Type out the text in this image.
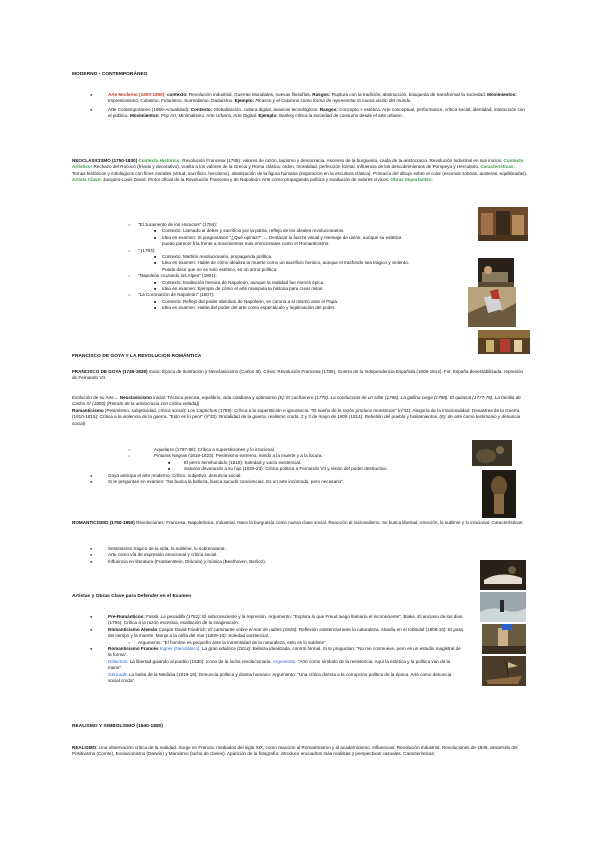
MODERNO - CONTEMPORÁNEO
● Arte Moderno (1800-1960): contexto: Revolución Industrial, Guerras Mundiales, nuevas filosofías. Rasgos: Ruptura con la tradición, abstracción, búsqueda de transformar la sociedad. Movimientos: Impresionismo, Cubismo, Futurismo, Surrealismo, Dadaísmo. Ejemplo: Picasso y el Cubismo como forma de representar la nueva visión del mundo.
● Arte Contemporáneo (1960-Actualidad): Contexto: Globalización, cultura digital, avances tecnológicos. Rasgos: Concepto > estética. Arte conceptual, performance, crítica social, identidad, interacción con el público. Movimientos: Pop Art, Minimalismo, Arte Urbano, Arte Digital. Ejemplo: Banksy critica la sociedad de consumo desde el arte urbano.
NEOCLASICISMO (1750-1830) Contexto Histórico: Revolución Francesa (1789): valores de razón, laicismo y democracia. Ascenso de la burguesía, caída de la aristocracia. Revolución Industrial en sus inicios. Contexto Artístico: Rechazo del Rococó (frívolo y decorativo). Vuelta a los valores de la Grecia y Roma clásica: orden, moralidad, perfección formal. Influencia de los descubrimientos de Pompeya y Herculano. Características: Temas históricos y mitológicos con fines morales (virtud, sacrificio, heroísmo). Idealización de la figura humana (inspiración en la escultura clásica). Primacía del dibujo sobre el color (escenas sobrias, austeras, equilibradas). Artista Clave: Jacques-Louis David. Pintor oficial de la Revolución Francesa y de Napoleón. Arte como propaganda política y exaltación de valores cívicos. Obras Importantes:
○ "El Juramento de los Horacios" (1784):
■ Contexto: Llamado al deber y sacrificio por la patria, reflejo de los ideales revolucionarios.
■ Idea en examen: Si preguntasen "¿Qué opinas?" → Destacar la fuerza visual y mensaje de unión, aunque su estética puede parecer fría frente a movimientos más emocionales como el Romanticismo.
○ " (1793):
■ Contexto: Martirio revolucionario, propaganda política.
■ Idea en examen: Hable de cómo idealiza la muerte como un sacrificio heroico, aunque el trasfondo sea trágico y violento. Puedo decir que no es solo estético, es un arma política.
○ "Napoleón cruzando los Alpes" (1801):
■ Contexto: Exaltación heroica de Napoleón, aunque la realidad fue menos épica.
■ Idea en examen: Ejemplo de cómo el arte manipula la historia para crear mitos.
○ "La Coronación de Napoleón" (1807):
■ Contexto: Reflejo del poder absoluto de Napoleón, se corona a sí mismo ante el Papa.
■ Idea en examen: Hable del poder del arte como espectáculo y legitimación del poder.
FRANCISCO DE GOYA Y LA REVOLUCIÓN ROMÁNTICA
FRANCISCO DE GOYA (1746-1828) Inicio: Época de Ilustración y Neoclasicismo (Carlos III). Crisis: Revolución Francesa (1789), Guerra de la Independencia Española (1808-1814). Fin: España desestabilizada, represión de Fernando VII.
Evolución de su Arte→ Neoclasicismo inicial: Técnica precisa, equilibrio, vida cotidiana y optimismo (Ej: El cacharrero (1778). La conducción de un sillar (1786). La gallina ciega (1788). El quitasol (1777-78). La familia de Carlos IV (1800) (Retrato de la aristocracia con crítica velada))
Romanticismo (Pesimismo, subjetividad, crítica social): Los Caprichos (1799): Crítica a la superstición e ignorancia. "El sueño de la razón produce monstruos" (nº43): Alegoría de la irracionalidad. Desastres de la Guerra (1810-1815): Crítica a la violencia de la guerra. "Esto es lo peor" (nº33): Brutalidad de la guerra, realismo crudo. 2 y 3 de mayo de 1808 (1814): Rebelión del pueblo y fusilamientos. (Ej: de arte como testimonio y denuncia social)
○ Aquelarre (1797-98): Crítica a supersticiones y lo irracional.
○ Pinturas Negras (1819-1823): Pesimismo extremo, miedo a la muerte y a la locura.
■ El perro semihundido (1819): Soledad y vacío existencial.
■ Saturno devorando a su hijo (1820-23): Crítica política a Fernando VII y visión del poder destructivo.
● Goya anticipa el arte moderno: Crítico, subjetivo, denuncia social.
● Si te preguntan en examen: "No busca la belleza, busca sacudir conciencias. Es un arte incómodo, pero necesario".
ROMANTICISMO (1780-1850) Revoluciones: Francesa, Napoleónica, Industrial. Nace la burguesía como nueva clase social. Reacción al racionalismo: Se busca libertad, emoción, lo sublime y lo irracional. Características:
● Sentimiento trágico de la vida, lo sublime, lo sobrenatural.
● Arte como vía de expresión emocional y crítica social.
● Influencia en literatura (Frankenstein, Drácula) y música (Beethoven, Berlioz).
Artistas y Obras Clave para Defender en el Examen
● Pre-Románticos: Füssli. La pesadilla (1781): El subconsciente y la represión. Argumento: "Explora lo que Freud luego llamaría el inconsciente". Blake, El anciano de los días (1794): Crítica a la razón excesiva, exaltación de la imaginación.
● Romanticismo Alemán Caspar David Friedrich: El caminante sobre el mar de nubes (1818): Reflexión existencial ante la naturaleza. Abadía en el robledal (1809-10): El paso del tiempo y la muerte. Monje a la orilla del mar (1809-10): Soledad existencial.
○ Argumento: "El hombre es pequeño ante la inmensidad de la naturaleza, esto es lo sublime".
● Romanticismo Francés Ingres (Neoclásico): La gran odalisca (1814): Belleza idealizada, control formal. Si te preguntan: "No me conmueve, pero es un estudio magistral de la forma".
Delacroix: La libertad guiando al pueblo (1830): Icono de la lucha revolucionaria. Argumento: "Arte como símbolo de la resistencia. Aquí la estética y la política van de la mano".
Géricault: La balsa de la Medusa (1818-19): Denuncia política y drama humano. Argumento: "Una crítica directa a la corrupción política de la época. Arte como denuncia social cruda".
REALISMO Y SIMBOLISMO (1840-1880)
REALISMO: Una observación crítica de la realidad. Surge en Francia, mediados del siglo XIX, como reacción al Romanticismo y al academicismo. Influencias: Revolución Industrial, Revoluciones de 1848, desarrollo del Positivismo (Comte), Evolucionismo (Darwin) y Marxismo (lucha de clases). Aparición de la fotografía: introduce encuadres más realistas y perspectivas casuales. Características:
